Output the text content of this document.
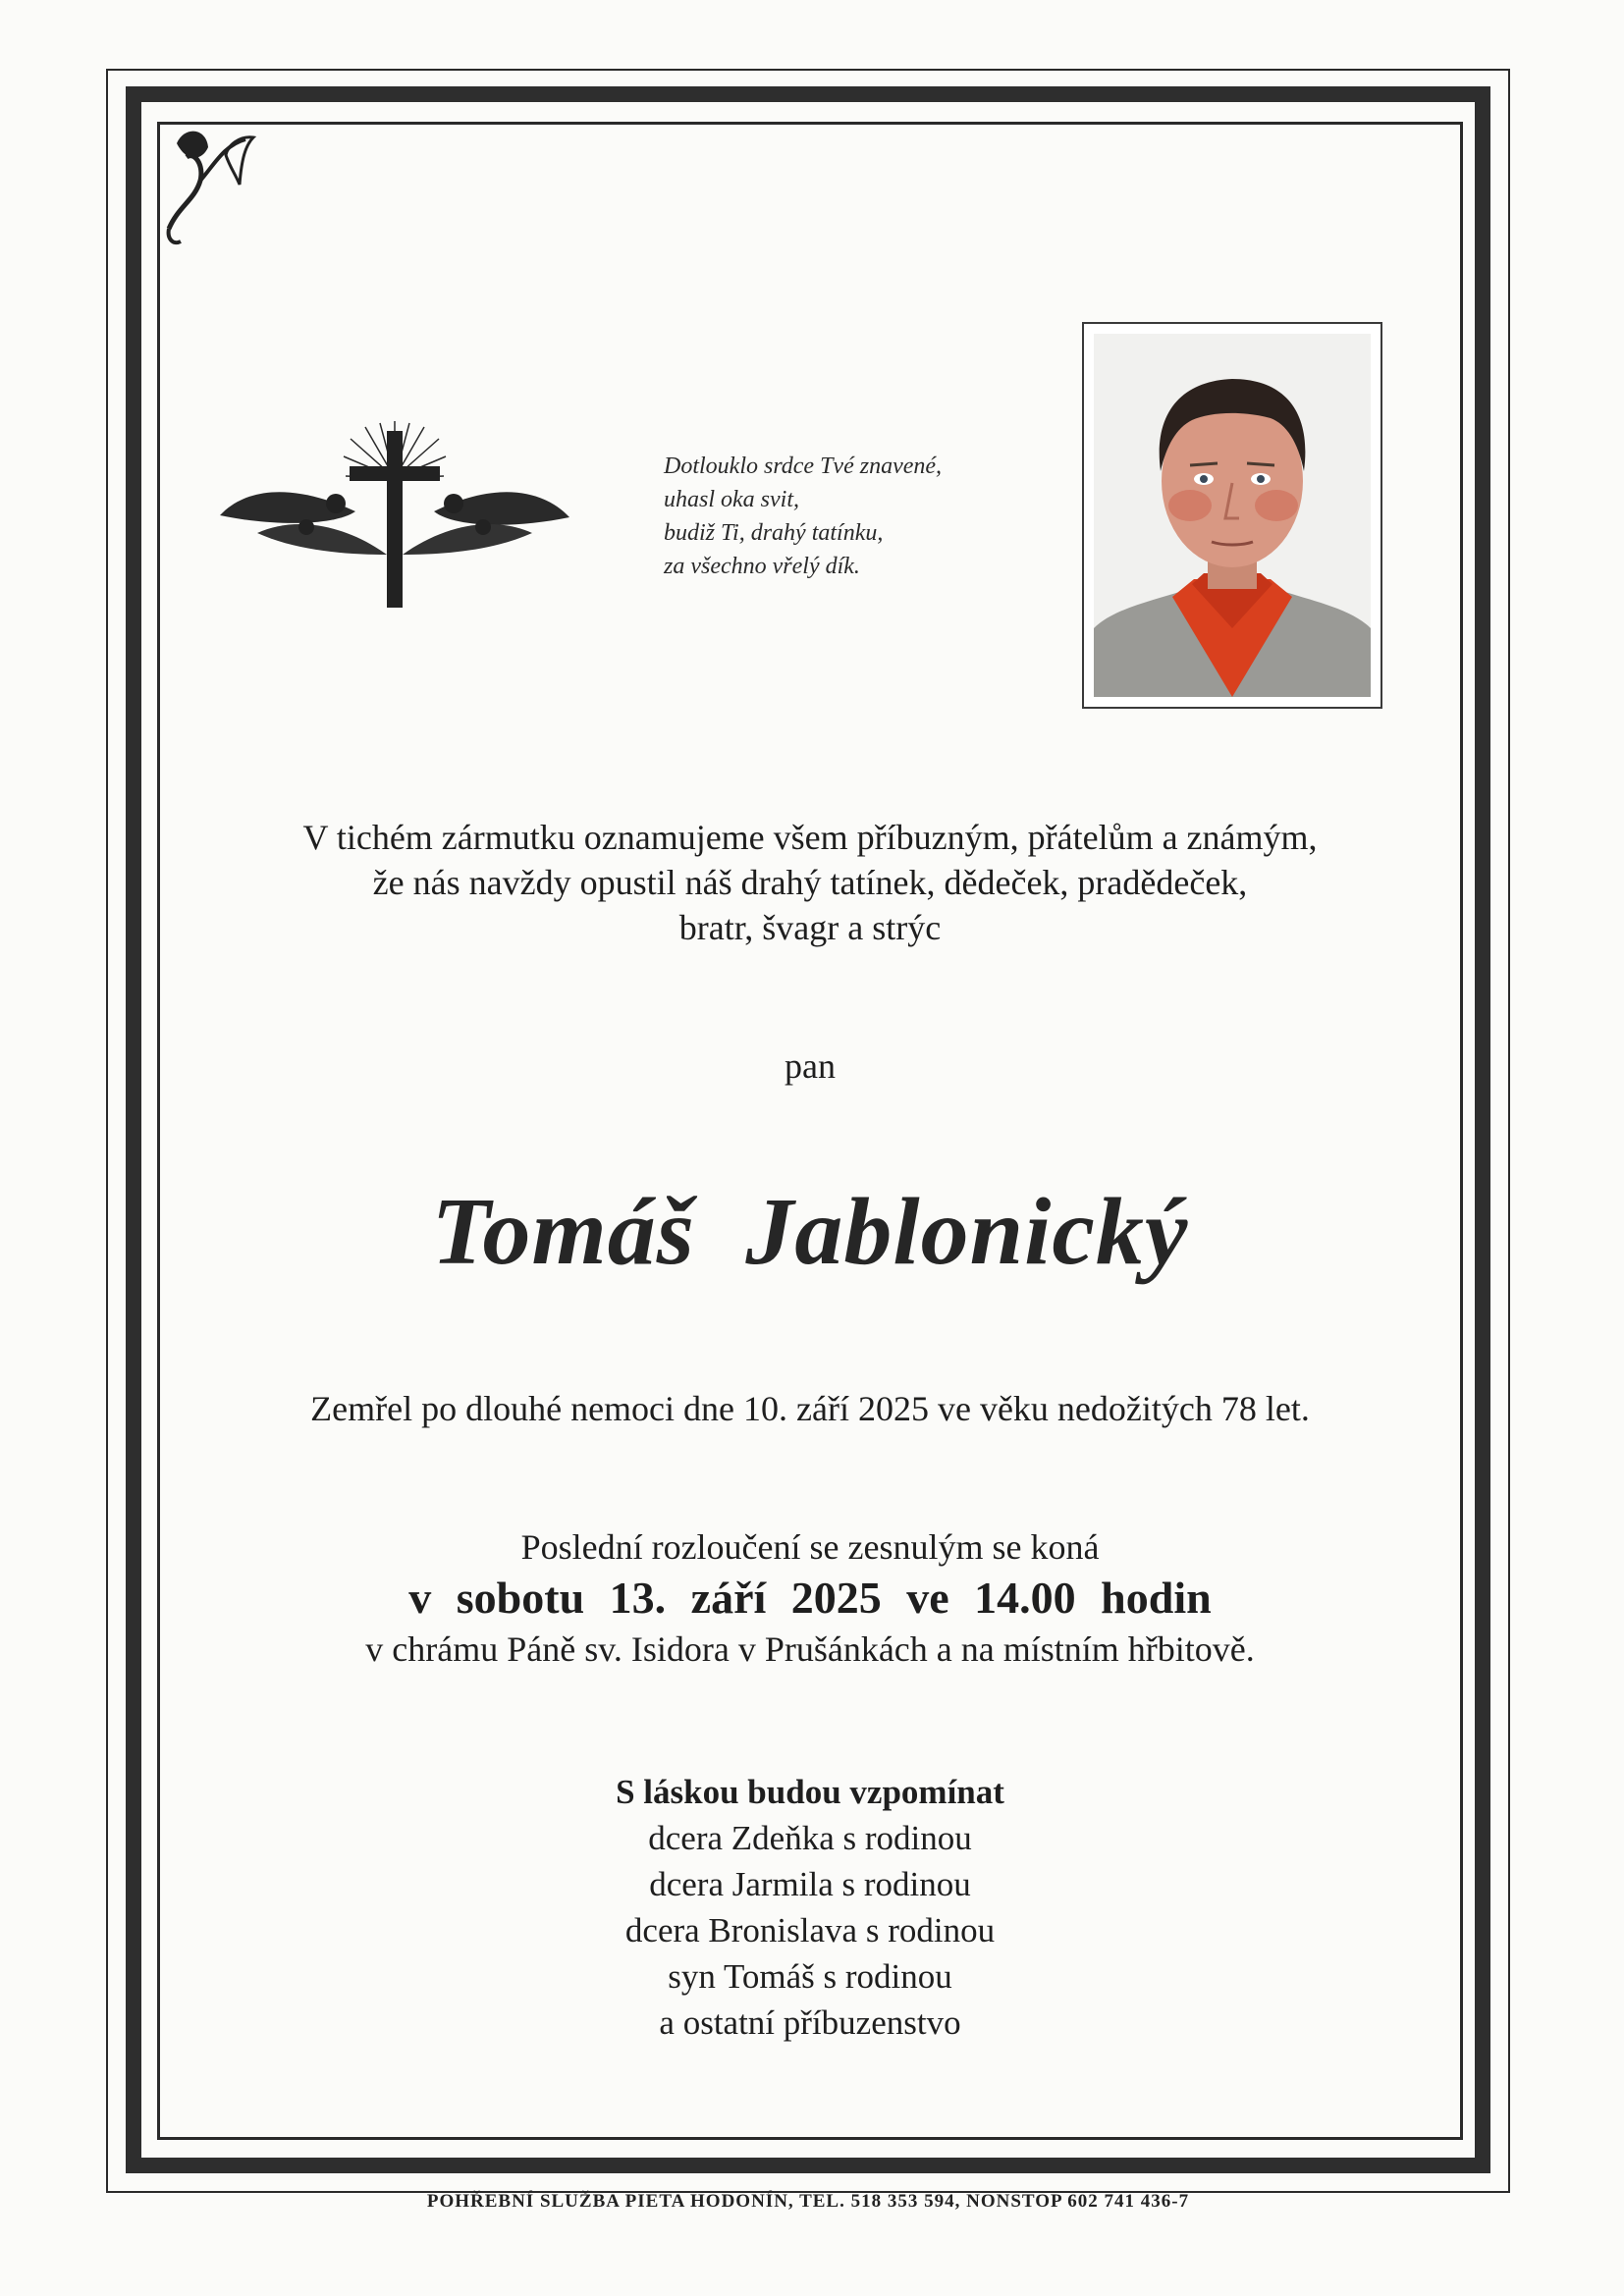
Dotlouklo srdce Tvé znavené,
uhasl oka svit,
budiž Ti, drahý tatínku,
za všechno vřelý dík.
V tichém zármutku oznamujeme všem příbuzným, přátelům a známým,
že nás navždy opustil náš drahý tatínek, dědeček, pradědeček,
bratr, švagr a strýc
pan
Tomáš Jablonický
Zemřel po dlouhé nemoci dne 10. září 2025 ve věku nedožitých 78 let.
Poslední rozloučení se zesnulým se koná
v sobotu 13. září 2025 ve 14.00 hodin
v chrámu Páně sv. Isidora v Prušánkách a na místním hřbitově.
S láskou budou vzpomínat
dcera Zdeňka s rodinou
dcera Jarmila s rodinou
dcera Bronislava s rodinou
syn Tomáš s rodinou
a ostatní příbuzenstvo
POHŘEBNÍ SLUŽBA PIETA HODONÍN, TEL. 518 353 594, NONSTOP 602 741 436-7
